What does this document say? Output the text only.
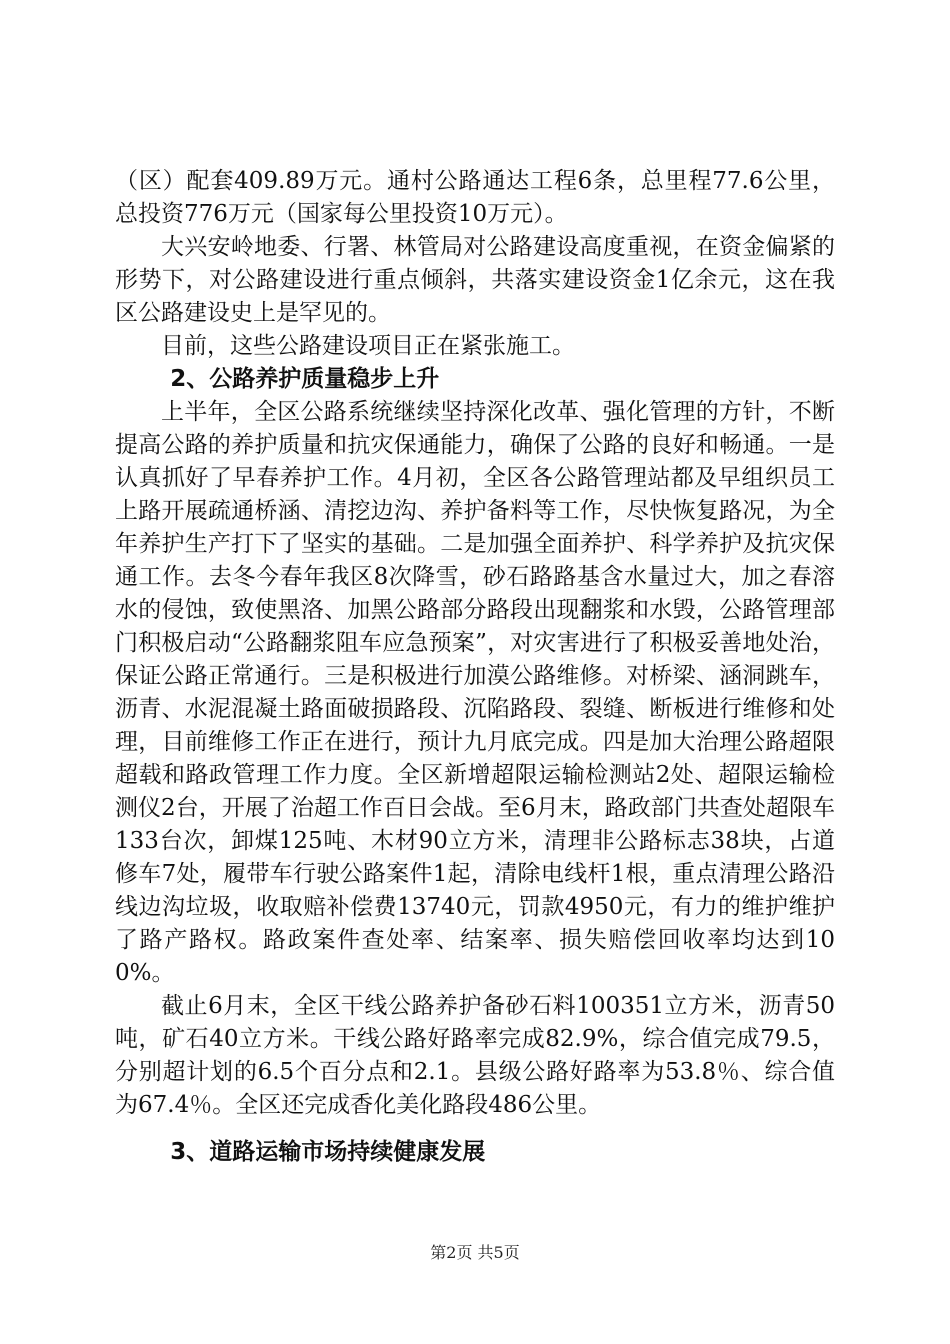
（区）配套409.89万元。通村公路通达工程6条，总里程77.6公里，总投资776万元（国家每公里投资10万元）。

大兴安岭地委、行署、林管局对公路建设高度重视，在资金偏紧的形势下，对公路建设进行重点倾斜，共落实建设资金1亿余元，这在我区公路建设史上是罕见的。

目前，这些公路建设项目正在紧张施工。

2、公路养护质量稳步上升

上半年，全区公路系统继续坚持深化改革、强化管理的方针，不断提高公路的养护质量和抗灾保通能力，确保了公路的良好和畅通。一是认真抓好了早春养护工作。4月初，全区各公路管理站都及早组织员工上路开展疏通桥涵、清挖边沟、养护备料等工作，尽快恢复路况，为全年养护生产打下了坚实的基础。二是加强全面养护、科学养护及抗灾保通工作。去冬今春年我区8次降雪，砂石路路基含水量过大，加之春溶水的侵蚀，致使黑洛、加黑公路部分路段出现翻浆和水毁，公路管理部门积极启动“公路翻浆阻车应急预案”，对灾害进行了积极妥善地处治，保证公路正常通行。三是积极进行加漠公路维修。对桥梁、涵洞跳车，沥青、水泥混凝土路面破损路段、沉陷路段、裂缝、断板进行维修和处理，目前维修工作正在进行，预计九月底完成。四是加大治理公路超限超载和路政管理工作力度。全区新增超限运输检测站2处、超限运输检测仪2台，开展了治超工作百日会战。至6月末，路政部门共查处超限车133台次，卸煤125吨、木材90立方米，清理非公路标志38块，占道修车7处，履带车行驶公路案件1起，清除电线杆1根，重点清理公路沿线边沟垃圾，收取赔补偿费13740元，罚款4950元，有力的维护维护了路产路权。路政案件查处率、结案率、损失赔偿回收率均达到100%。

截止6月末，全区干线公路养护备砂石料100351立方米，沥青50吨，矿石40立方米。干线公路好路率完成82.9%，综合值完成79.5，分别超计划的6.5个百分点和2.1。县级公路好路率为53.8％、综合值为67.4％。全区还完成香化美化路段486公里。

3、道路运输市场持续健康发展
第2页 共5页
